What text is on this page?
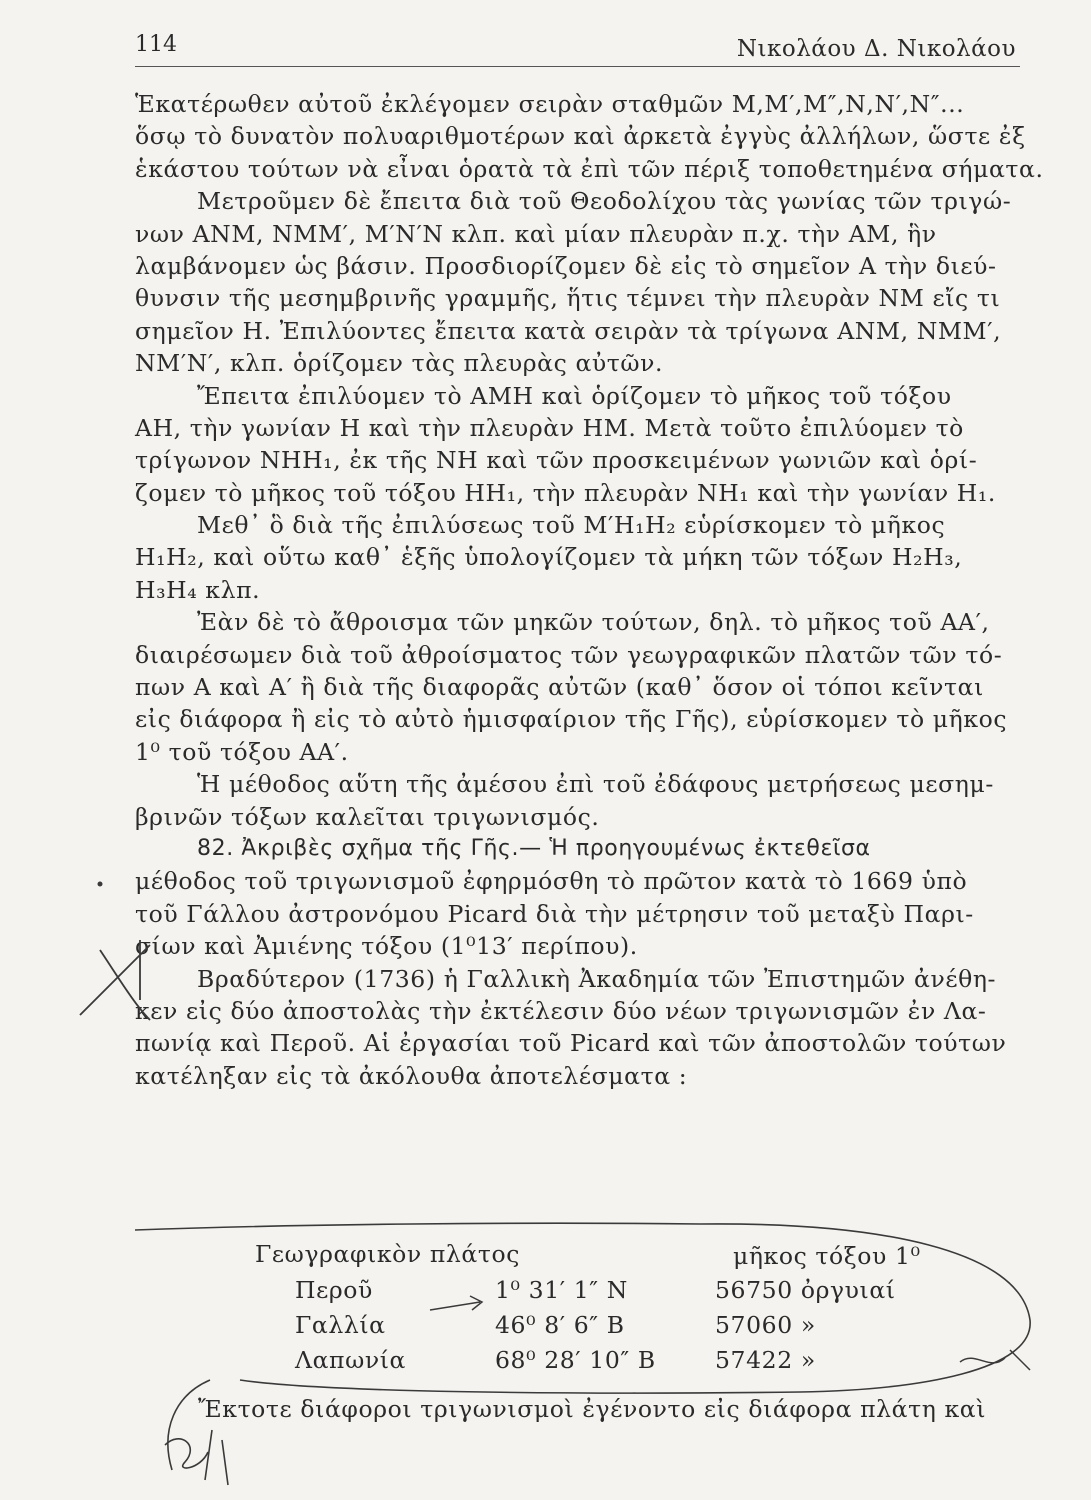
114	Νικολάου Δ. Νικολάου
Ἑκατέρωθεν αὐτοῦ ἐκλέγομεν σειρὰν σταθμῶν Μ,Μ′,Μ″,Ν,Ν′,Ν″...
ὅσῳ τὸ δυνατὸν πολυαριθμοτέρων καὶ ἀρκετὰ ἐγγὺς ἀλλήλων, ὥστε ἐξ
ἑκάστου τούτων νὰ εἶναι ὁρατὰ τὰ ἐπὶ τῶν πέριξ τοποθετημένα σήματα.
Μετροῦμεν δὲ ἔπειτα διὰ τοῦ Θεοδολίχου τὰς γωνίας τῶν τριγώ-
νων ΑΝΜ, ΝΜΜ′, Μ′Ν′Ν κλπ. καὶ μίαν πλευρὰν π.χ. τὴν ΑΜ, ἣν
λαμβάνομεν ὡς βάσιν. Προσδιορίζομεν δὲ εἰς τὸ σημεῖον Α τὴν διεύ-
θυνσιν τῆς μεσημβρινῆς γραμμῆς, ἥτις τέμνει τὴν πλευρὰν ΝΜ εἴς τι
σημεῖον Η. Ἐπιλύοντες ἔπειτα κατὰ σειρὰν τὰ τρίγωνα ΑΝΜ, ΝΜΜ′,
ΝΜ′Ν′, κλπ. ὁρίζομεν τὰς πλευρὰς αὐτῶν.
Ἔπειτα ἐπιλύομεν τὸ ΑΜΗ καὶ ὁρίζομεν τὸ μῆκος τοῦ τόξου
ΑΗ, τὴν γωνίαν Η καὶ τὴν πλευρὰν ΗΜ. Μετὰ τοῦτο ἐπιλύομεν τὸ
τρίγωνον ΝΗΗ₁, ἐκ τῆς ΝΗ καὶ τῶν προσκειμένων γωνιῶν καὶ ὁρί-
ζομεν τὸ μῆκος τοῦ τόξου ΗΗ₁, τὴν πλευρὰν ΝΗ₁ καὶ τὴν γωνίαν Η₁.
Μεθ᾽ ὃ διὰ τῆς ἐπιλύσεως τοῦ Μ′Η₁Η₂ εὑρίσκομεν τὸ μῆκος
Η₁Η₂, καὶ οὕτω καθ᾽ ἑξῆς ὑπολογίζομεν τὰ μήκη τῶν τόξων Η₂Η₃,
Η₃Η₄ κλπ.
Ἐὰν δὲ τὸ ἄθροισμα τῶν μηκῶν τούτων, δηλ. τὸ μῆκος τοῦ ΑΑ′,
διαιρέσωμεν διὰ τοῦ ἀθροίσματος τῶν γεωγραφικῶν πλατῶν τῶν τό-
πων Α καὶ Α′ ἢ διὰ τῆς διαφορᾶς αὐτῶν (καθ᾽ ὅσον οἱ τόποι κεῖνται
εἰς διάφορα ἢ εἰς τὸ αὐτὸ ἡμισφαίριον τῆς Γῆς), εὑρίσκομεν τὸ μῆκος
1⁰ τοῦ τόξου ΑΑ′.
Ἡ μέθοδος αὕτη τῆς ἀμέσου ἐπὶ τοῦ ἐδάφους μετρήσεως μεσημ-
βρινῶν τόξων καλεῖται τριγωνισμός.
82. Ἀκριβὲς σχῆμα τῆς Γῆς.— Ἡ προηγουμένως ἐκτεθεῖσα
μέθοδος τοῦ τριγωνισμοῦ ἐφηρμόσθη τὸ πρῶτον κατὰ τὸ 1669 ὑπὸ
τοῦ Γάλλου ἀστρονόμου Picard διὰ τὴν μέτρησιν τοῦ μεταξὺ Παρι-
σίων καὶ Ἀμιένης τόξου (1⁰13′ περίπου).
Βραδύτερον (1736) ἡ Γαλλικὴ Ἀκαδημία τῶν Ἐπιστημῶν ἀνέθη-
κεν εἰς δύο ἀποστολὰς τὴν ἐκτέλεσιν δύο νέων τριγωνισμῶν ἐν Λα-
πωνίᾳ καὶ Περοῦ. Αἱ ἐργασίαι τοῦ Picard καὶ τῶν ἀποστολῶν τούτων
κατέληξαν εἰς τὰ ἀκόλουθα ἀποτελέσματα :
Γεωγραφικὸν πλάτος	μῆκος τόξου 1⁰
Περοῦ	1⁰ 31′ 1″ Ν	56750 ὀργυιαί
Γαλλία	46⁰ 8′ 6″ Β	57060 »
Λαπωνία	68⁰ 28′ 10″ Β	57422 »
Ἔκτοτε διάφοροι τριγωνισμοὶ ἐγένοντο εἰς διάφορα πλάτη καὶ
